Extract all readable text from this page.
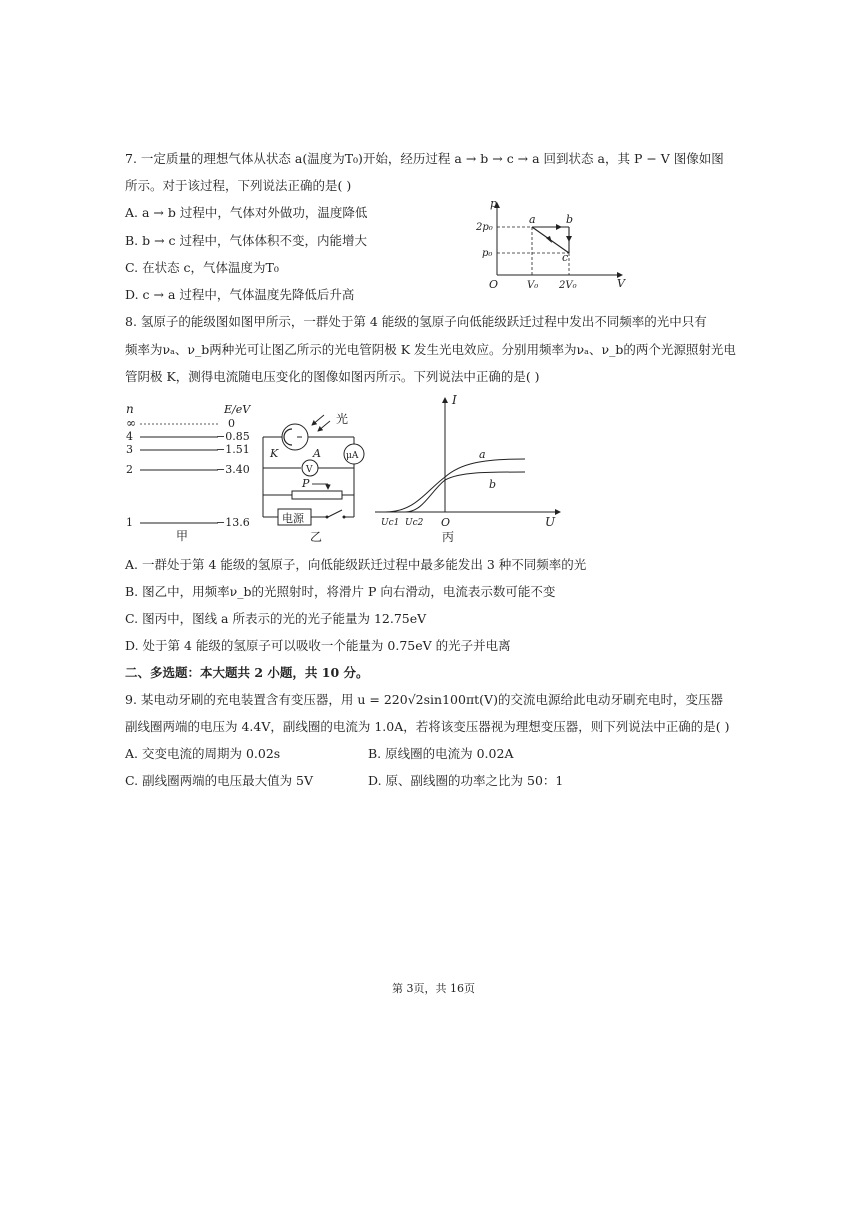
7. 一定质量的理想气体从状态 a(温度为T₀)开始，经历过程 a → b → c → a 回到状态 a，其 P − V 图像如图
所示。对于该过程，下列说法正确的是( )
A. a → b 过程中，气体对外做功，温度降低
B. b → c 过程中，气体体积不变，内能增大
C. 在状态 c，气体温度为T₀
D. c → a 过程中，气体温度先降低后升高
p
V
O
2p₀
p₀
V₀ 2V₀
a	b
c
8. 氢原子的能级图如图甲所示，一群处于第 4 能级的氢原子向低能级跃迁过程中发出不同频率的光中只有
频率为νₐ、ν_b两种光可让图乙所示的光电管阴极 K 发生光电效应。分别用频率为νₐ、ν_b的两个光源照射光电
管阴极 K，测得电流随电压变化的图像如图丙所示。下列说法中正确的是( )
n	E/eV
∞	0
4	−0.85
3	−1.51
2	−3.40
1	−13.6
甲
光
μA
V
K	A
P
电源
乙
I
U
O
a
b
Uc1 Uc2
丙
A. 一群处于第 4 能级的氢原子，向低能级跃迁过程中最多能发出 3 种不同频率的光
B. 图乙中，用频率ν_b的光照射时，将滑片 P 向右滑动，电流表示数可能不变
C. 图丙中，图线 a 所表示的光的光子能量为 12.75eV
D. 处于第 4 能级的氢原子可以吸收一个能量为 0.75eV 的光子并电离
二、多选题：本大题共 2 小题，共 10 分。
9. 某电动牙刷的充电装置含有变压器，用 u = 220√2sin100πt(V)的交流电源给此电动牙刷充电时，变压器
副线圈两端的电压为 4.4V，副线圈的电流为 1.0A，若将该变压器视为理想变压器，则下列说法中正确的是( )
A. 交变电流的周期为 0.02s	B. 原线圈的电流为 0.02A
C. 副线圈两端的电压最大值为 5V	D. 原、副线圈的功率之比为 50：1
第 3页，共 16页
